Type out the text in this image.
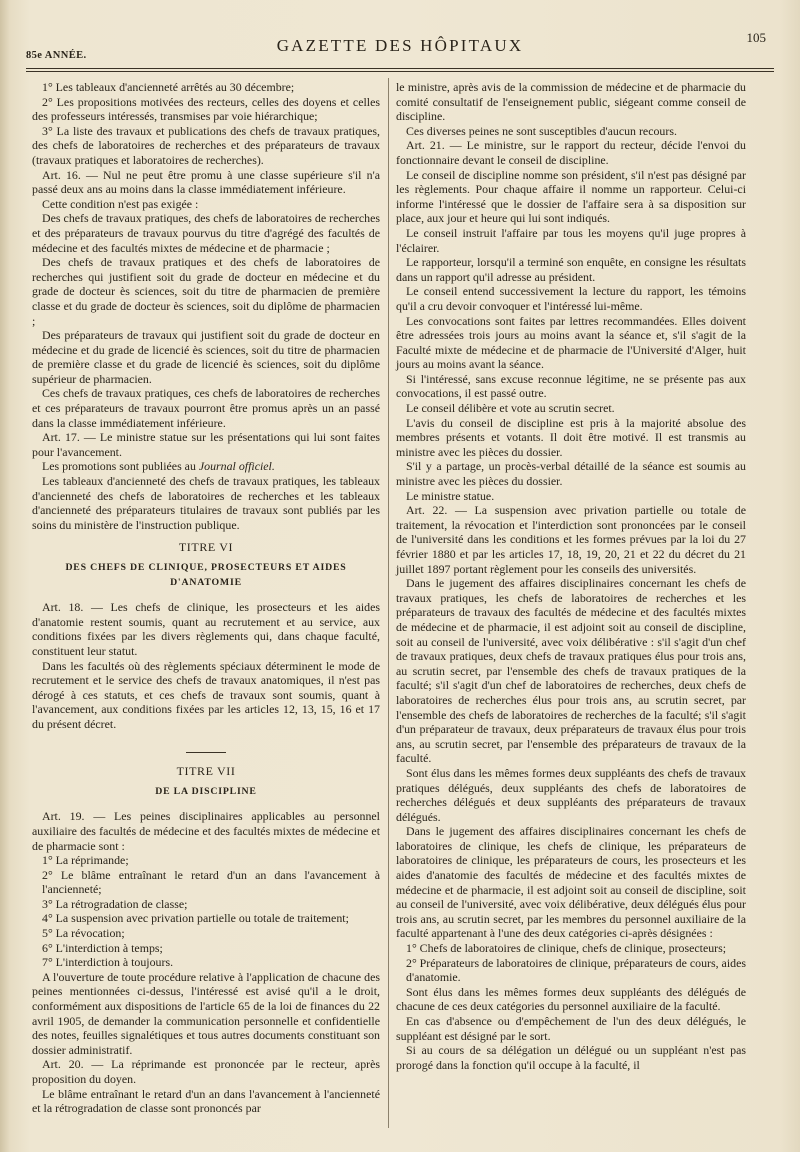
85e ANNÉE.
GAZETTE DES HÔPITAUX	105

1° Les tableaux d'ancienneté arrêtés au 30 décembre;

2° Les propositions motivées des recteurs, celles des doyens et celles des professeurs intéressés, transmises par voie hiérarchique;

3° La liste des travaux et publications des chefs de travaux pratiques, des chefs de laboratoires de recherches et des préparateurs de travaux (travaux pratiques et laboratoires de recherches).

Art. 16. — Nul ne peut être promu à une classe supérieure s'il n'a passé deux ans au moins dans la classe immédiatement inférieure.

Cette condition n'est pas exigée :

Des chefs de travaux pratiques, des chefs de laboratoires de recherches et des préparateurs de travaux pourvus du titre d'agrégé des facultés de médecine et des facultés mixtes de médecine et de pharmacie ;

Des chefs de travaux pratiques et des chefs de laboratoires de recherches qui justifient soit du grade de docteur en médecine et du grade de docteur ès sciences, soit du titre de pharmacien de première classe et du grade de docteur ès sciences, soit du diplôme de pharmacien ;

Des préparateurs de travaux qui justifient soit du grade de docteur en médecine et du grade de licencié ès sciences, soit du titre de pharmacien de première classe et du grade de licencié ès sciences, soit du diplôme supérieur de pharmacien.

Ces chefs de travaux pratiques, ces chefs de laboratoires de recherches et ces préparateurs de travaux pourront être promus après un an passé dans la classe immédiatement inférieure.

Art. 17. — Le ministre statue sur les présentations qui lui sont faites pour l'avancement.

Les promotions sont publiées au Journal officiel.

Les tableaux d'ancienneté des chefs de travaux pratiques, les tableaux d'ancienneté des chefs de laboratoires de recherches et les tableaux d'ancienneté des préparateurs titulaires de travaux sont publiés par les soins du ministère de l'instruction publique.

TITRE VI
DES CHEFS DE CLINIQUE, PROSECTEURS ET AIDES D'ANATOMIE

Art. 18. — Les chefs de clinique, les prosecteurs et les aides d'anatomie restent soumis, quant au recrutement et au service, aux conditions fixées par les divers règlements qui, dans chaque faculté, constituent leur statut.

Dans les facultés où des règlements spéciaux déterminent le mode de recrutement et le service des chefs de travaux anatomiques, il n'est pas dérogé à ces statuts, et ces chefs de travaux sont soumis, quant à l'avancement, aux conditions fixées par les articles 12, 13, 15, 16 et 17 du présent décret.

TITRE VII
DE LA DISCIPLINE

Art. 19. — Les peines disciplinaires applicables au personnel auxiliaire des facultés de médecine et des facultés mixtes de médecine et de pharmacie sont :

1° La réprimande;

2° Le blâme entraînant le retard d'un an dans l'avancement à l'ancienneté;

3° La rétrogradation de classe;

4° La suspension avec privation partielle ou totale de traitement;

5° La révocation;

6° L'interdiction à temps;

7° L'interdiction à toujours.

A l'ouverture de toute procédure relative à l'application de chacune des peines mentionnées ci-dessus, l'intéressé est avisé qu'il a le droit, conformément aux dispositions de l'article 65 de la loi de finances du 22 avril 1905, de demander la communication personnelle et confidentielle des notes, feuilles signalétiques et tous autres documents constituant son dossier administratif.

Art. 20. — La réprimande est prononcée par le recteur, après proposition du doyen.

Le blâme entraînant le retard d'un an dans l'avancement à l'ancienneté et la rétrogradation de classe sont prononcés par

le ministre, après avis de la commission de médecine et de pharmacie du comité consultatif de l'enseignement public, siégeant comme conseil de discipline.

Ces diverses peines ne sont susceptibles d'aucun recours.

Art. 21. — Le ministre, sur le rapport du recteur, décide l'envoi du fonctionnaire devant le conseil de discipline.

Le conseil de discipline nomme son président, s'il n'est pas désigné par les règlements. Pour chaque affaire il nomme un rapporteur. Celui-ci informe l'intéressé que le dossier de l'affaire sera à sa disposition sur place, aux jour et heure qui lui sont indiqués.

Le conseil instruit l'affaire par tous les moyens qu'il juge propres à l'éclairer.

Le rapporteur, lorsqu'il a terminé son enquête, en consigne les résultats dans un rapport qu'il adresse au président.

Le conseil entend successivement la lecture du rapport, les témoins qu'il a cru devoir convoquer et l'intéressé lui-même.

Les convocations sont faites par lettres recommandées. Elles doivent être adressées trois jours au moins avant la séance et, s'il s'agit de la Faculté mixte de médecine et de pharmacie de l'Université d'Alger, huit jours au moins avant la séance.

Si l'intéressé, sans excuse reconnue légitime, ne se présente pas aux convocations, il est passé outre.

Le conseil délibère et vote au scrutin secret.

L'avis du conseil de discipline est pris à la majorité absolue des membres présents et votants. Il doit être motivé. Il est transmis au ministre avec les pièces du dossier.

S'il y a partage, un procès-verbal détaillé de la séance est soumis au ministre avec les pièces du dossier.

Le ministre statue.

Art. 22. — La suspension avec privation partielle ou totale de traitement, la révocation et l'interdiction sont prononcées par le conseil de l'université dans les conditions et les formes prévues par la loi du 27 février 1880 et par les articles 17, 18, 19, 20, 21 et 22 du décret du 21 juillet 1897 portant règlement pour les conseils des universités.

Dans le jugement des affaires disciplinaires concernant les chefs de travaux pratiques, les chefs de laboratoires de recherches et les préparateurs de travaux des facultés de médecine et des facultés mixtes de médecine et de pharmacie, il est adjoint soit au conseil de discipline, soit au conseil de l'université, avec voix délibérative : s'il s'agit d'un chef de travaux pratiques, deux chefs de travaux pratiques élus pour trois ans, au scrutin secret, par l'ensemble des chefs de travaux pratiques de la faculté; s'il s'agit d'un chef de laboratoires de recherches, deux chefs de laboratoires de recherches élus pour trois ans, au scrutin secret, par l'ensemble des chefs de laboratoires de recherches de la faculté; s'il s'agit d'un préparateur de travaux, deux préparateurs de travaux élus pour trois ans, au scrutin secret, par l'ensemble des préparateurs de travaux de la faculté.

Sont élus dans les mêmes formes deux suppléants des chefs de travaux pratiques délégués, deux suppléants des chefs de laboratoires de recherches délégués et deux suppléants des préparateurs de travaux délégués.

Dans le jugement des affaires disciplinaires concernant les chefs de laboratoires de clinique, les chefs de clinique, les préparateurs de laboratoires de clinique, les préparateurs de cours, les prosecteurs et les aides d'anatomie des facultés de médecine et des facultés mixtes de médecine et de pharmacie, il est adjoint soit au conseil de discipline, soit au conseil de l'université, avec voix délibérative, deux délégués élus pour trois ans, au scrutin secret, par les membres du personnel auxiliaire de la faculté appartenant à l'une des deux catégories ci-après désignées :

1° Chefs de laboratoires de clinique, chefs de clinique, prosecteurs;

2° Préparateurs de laboratoires de clinique, préparateurs de cours, aides d'anatomie.

Sont élus dans les mêmes formes deux suppléants des délégués de chacune de ces deux catégories du personnel auxiliaire de la faculté.

En cas d'absence ou d'empêchement de l'un des deux délégués, le suppléant est désigné par le sort.

Si au cours de sa délégation un délégué ou un suppléant n'est pas prorogé dans la fonction qu'il occupe à la faculté, il
